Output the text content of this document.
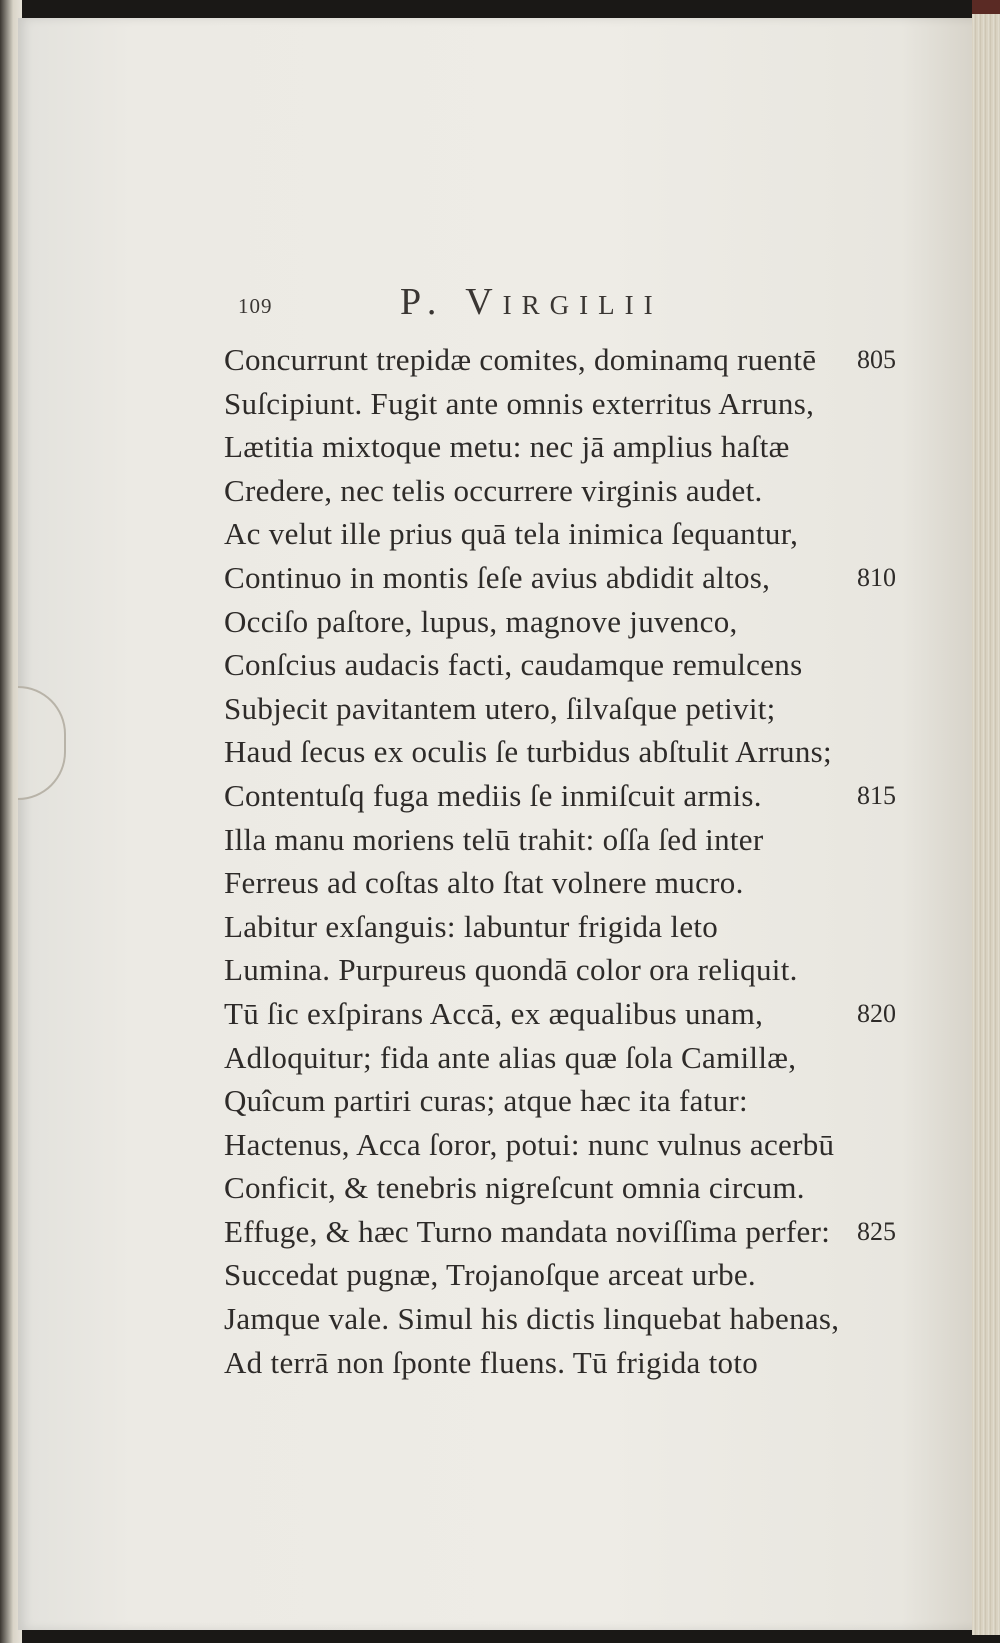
109	P. Virgilii
Concurrunt trepidæ comites, dominamq ruentē 805
Suſcipiunt. Fugit ante omnis exterritus Arruns,
Lætitia mixtoque metu: nec jā amplius haſtæ
Credere, nec telis occurrere virginis audet.
Ac velut ille prius quā tela inimica ſequantur,
Continuo in montis ſeſe avius abdidit altos,	810
Occiſo paſtore, lupus, magnove juvenco,
Conſcius audacis facti, caudamque remulcens
Subjecit pavitantem utero, ſilvaſque petivit;
Haud ſecus ex oculis ſe turbidus abſtulit Arruns;
Contentuſq fuga mediis ſe inmiſcuit armis.	815
Illa manu moriens telū trahit: oſſa ſed inter
Ferreus ad coſtas alto ſtat volnere mucro.
Labitur exſanguis: labuntur frigida leto
Lumina. Purpureus quondā color ora reliquit.
Tū ſic exſpirans Accā, ex æqualibus unam,	820
Adloquitur; fida ante alias quæ ſola Camillæ,
Quîcum partiri curas; atque hæc ita fatur:
Hactenus, Acca ſoror, potui: nunc vulnus acerbū
Conficit, & tenebris nigreſcunt omnia circum.
Effuge, & hæc Turno mandata noviſſima perfer: 825
Succedat pugnæ, Trojanoſque arceat urbe.
Jamque vale. Simul his dictis linquebat habenas,
Ad terrā non ſponte fluens. Tū frigida toto
